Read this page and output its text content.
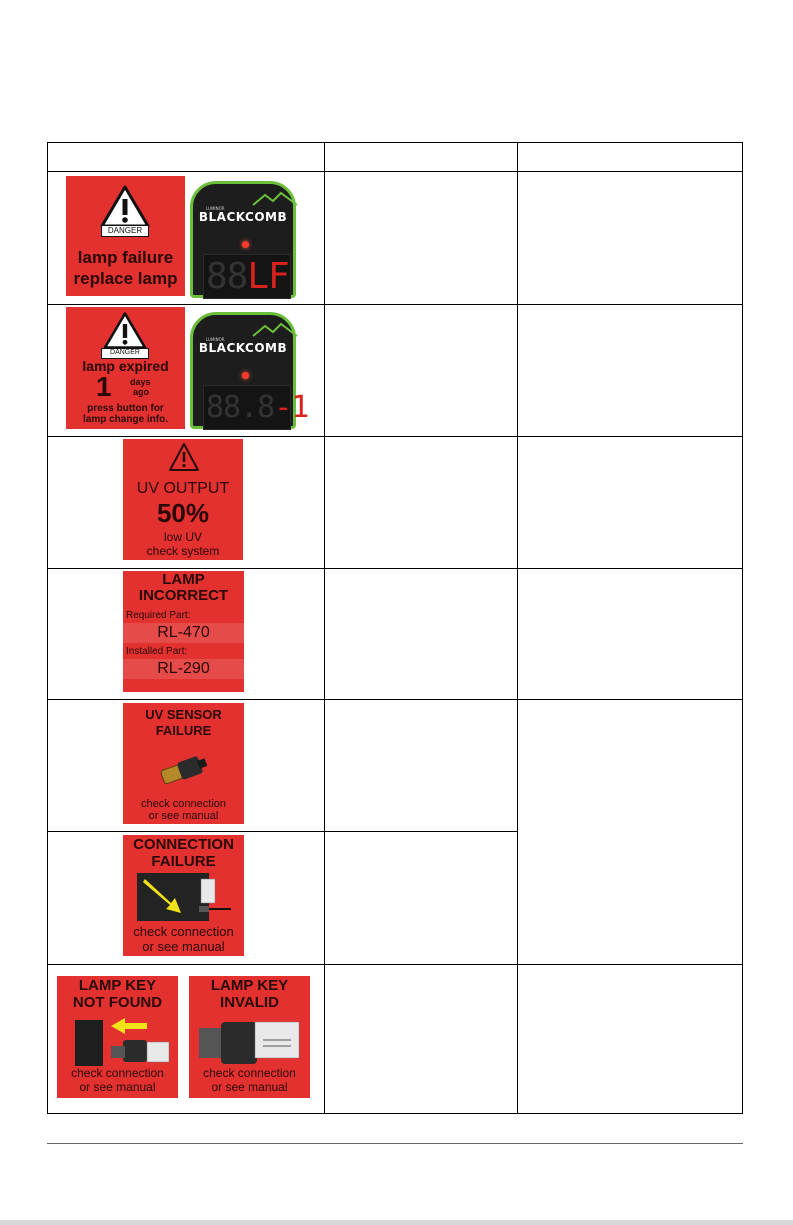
DANGER
lamp failure
replace lamp
LUMINOR
BLACKCOMB
88LF
DANGER
lamp expired
1 days
ago
press button for
lamp change info.
LUMINOR
BLACKCOMB
88.8-1
UV OUTPUT
50%
low UV
check system
LAMP
INCORRECT
Required Part:
RL-470
Installed Part:
RL-290
UV SENSOR
FAILURE
check connection
or see manual
CONNECTION
FAILURE
check connection
or see manual
LAMP KEY
NOT FOUND
check connection
or see manual
LAMP KEY
INVALID
check connection
or see manual
